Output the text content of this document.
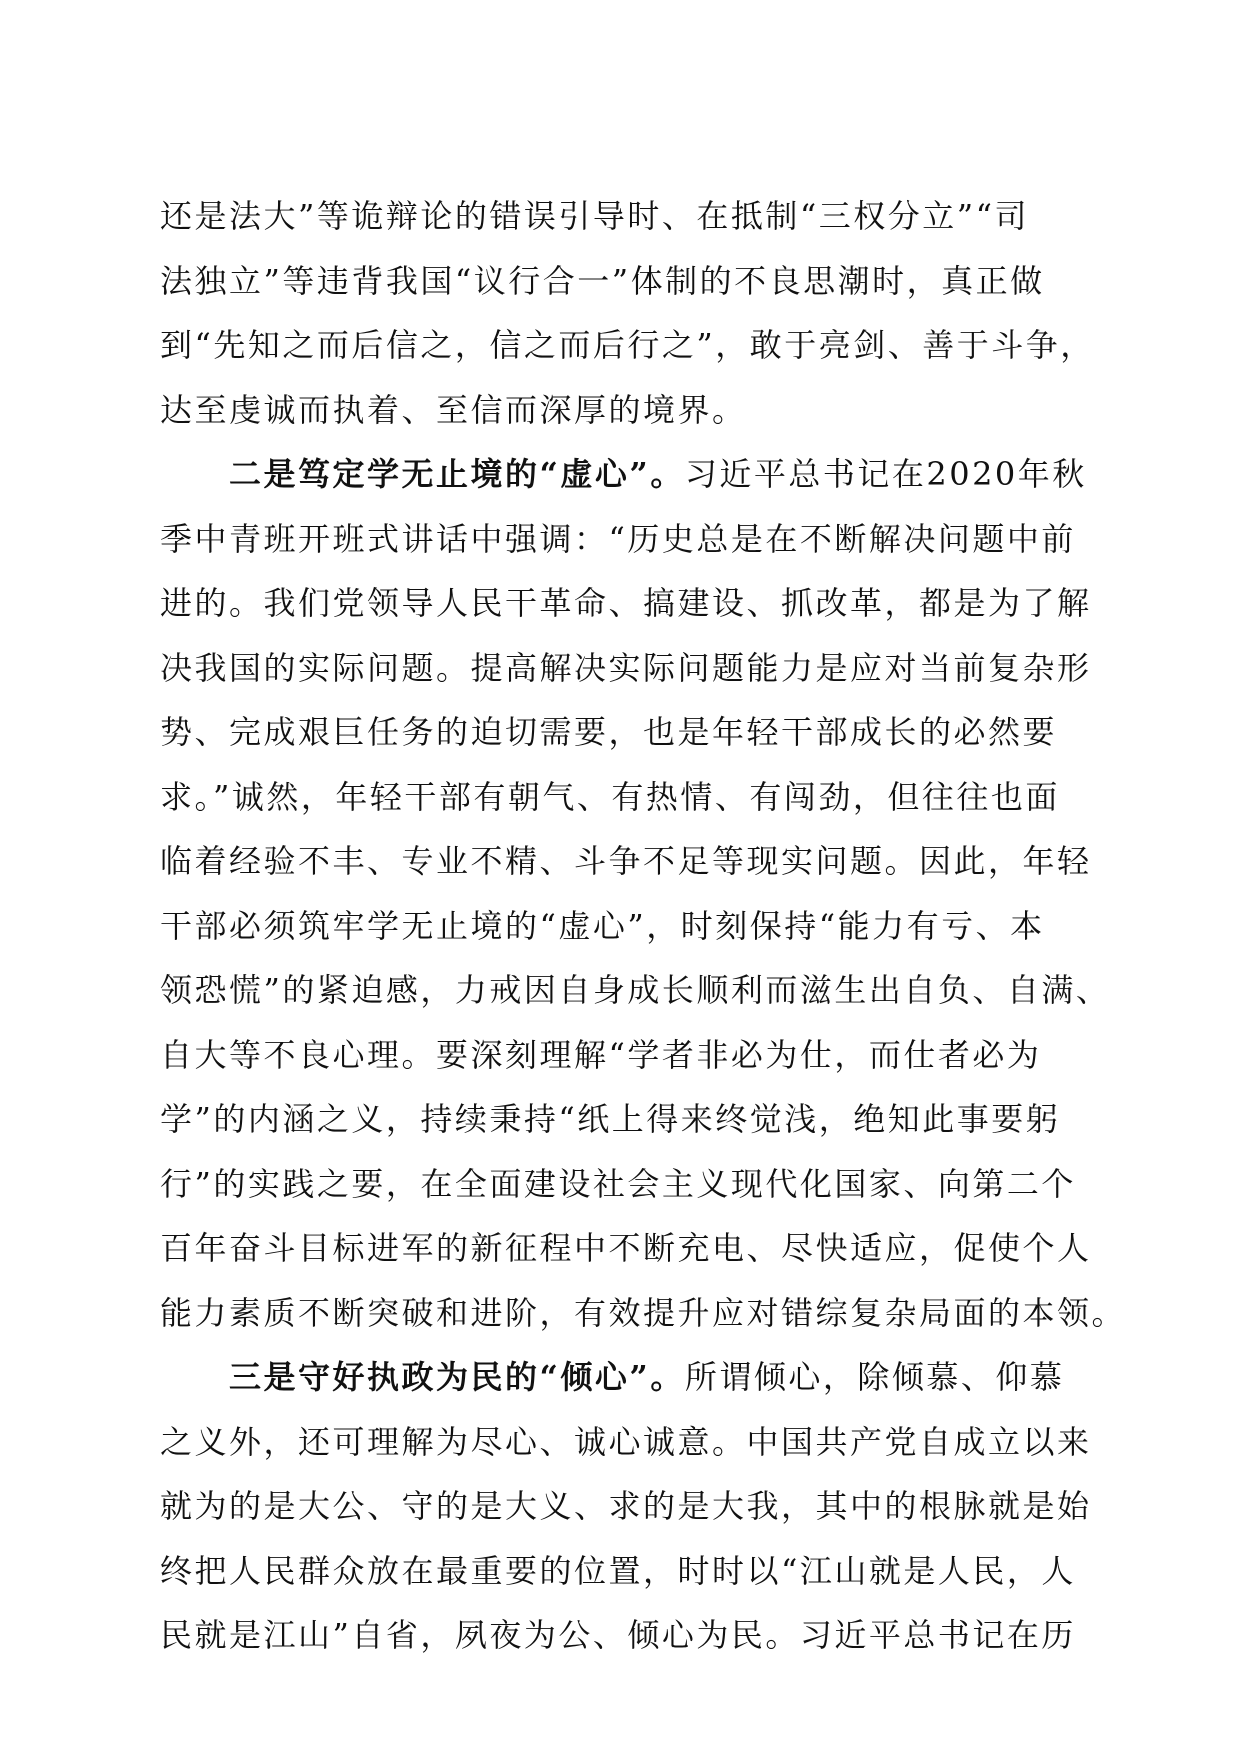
还是法大”等诡辩论的错误引导时、在抵制“三权分立”“司
法独立”等违背我国“议行合一”体制的不良思潮时，真正做
到“先知之而后信之，信之而后行之”，敢于亮剑、善于斗争，
达至虔诚而执着、至信而深厚的境界。
　　二是笃定学无止境的“虚心”。习近平总书记在2020年秋
季中青班开班式讲话中强调：“历史总是在不断解决问题中前
进的。我们党领导人民干革命、搞建设、抓改革，都是为了解
决我国的实际问题。提高解决实际问题能力是应对当前复杂形
势、完成艰巨任务的迫切需要，也是年轻干部成长的必然要
求。”诚然，年轻干部有朝气、有热情、有闯劲，但往往也面
临着经验不丰、专业不精、斗争不足等现实问题。因此，年轻
干部必须筑牢学无止境的“虚心”，时刻保持“能力有亏、本
领恐慌”的紧迫感，力戒因自身成长顺利而滋生出自负、自满、
自大等不良心理。要深刻理解“学者非必为仕，而仕者必为
学”的内涵之义，持续秉持“纸上得来终觉浅，绝知此事要躬
行”的实践之要，在全面建设社会主义现代化国家、向第二个
百年奋斗目标进军的新征程中不断充电、尽快适应，促使个人
能力素质不断突破和进阶，有效提升应对错综复杂局面的本领。
　　三是守好执政为民的“倾心”。所谓倾心，除倾慕、仰慕
之义外，还可理解为尽心、诚心诚意。中国共产党自成立以来
就为的是大公、守的是大义、求的是大我，其中的根脉就是始
终把人民群众放在最重要的位置，时时以“江山就是人民，人
民就是江山”自省，夙夜为公、倾心为民。习近平总书记在历
